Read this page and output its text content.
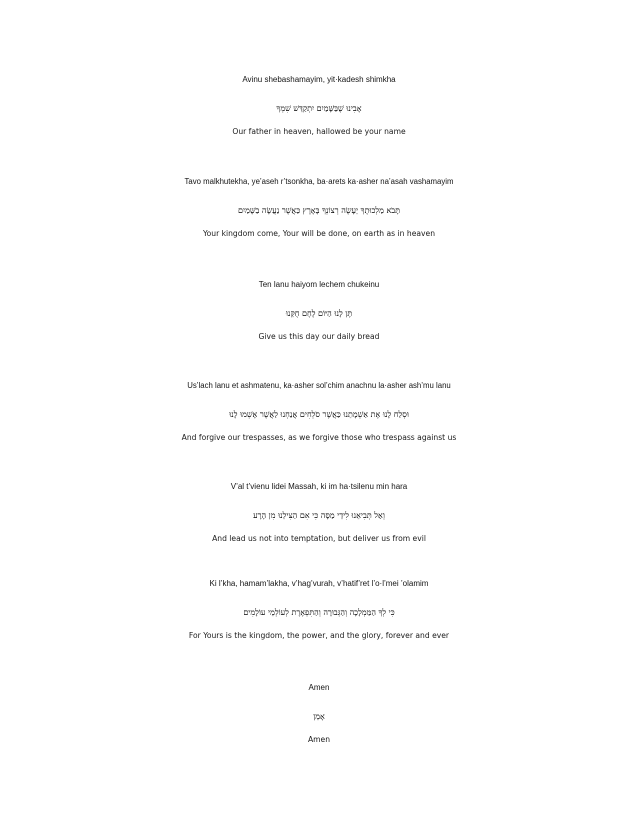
Avinu shebashamayim, yit·kadesh shimkha
אָבִינוּ שֶׁבַּשָּׁמַיִם יִתְקַדֵּשׁ שִׁמְךָ
Our father in heaven, hallowed be your name
Tavo malkhutekha, ye’aseh r’tsonkha, ba·arets ka·asher na’asah vashamayim
תָּבֹא מַלְכוּתֶךָ יֵעָשֶׂה רְצוֹנְךָ בָּאָרֶץ כַּאֲשֶׁר נַעֲשָׂה בַשָּׁמַיִם
Your kingdom come, Your will be done, on earth as in heaven
Ten lanu haiyom lechem chukeinu
תֶּן לָנוּ הַיּוֹם לֶחֶם חֻקֵּנוּ
Give us this day our daily bread
Us’lach lanu et ashmatenu, ka·asher sol’chim anachnu la·asher ash’mu lanu
וּסְלַח לָנוּ אֶת אַשְׁמָתֵנוּ כַּאֲשֶׁר סֹלְחִים אֲנַחְנוּ לַאֲשֶׁר אָשְׁמוּ לָנוּ
And forgive our trespasses, as we forgive those who trespass against us
V’al t’vienu lidei Massah, ki im ha·tsilenu min hara
וְאַל תְּבִיאֵנוּ לִידֵי מַסָּה כִּי אִם הַצִּילֵנוּ מִן הָרָע
And lead us not into temptation, but deliver us from evil
Ki l’kha, hamam’lakha, v’hag’vurah, v’hatif’ret l’o·l’mei ’olamim
כִּי לְךָ הַמַּמְלָכָה וְהַגְּבוּרָה וְהַתִּפְאֶרֶת לְעוֹלְמֵי עוֹלָמִים
For Yours is the kingdom, the power, and the glory, forever and ever
Amen
אָמֵן
Amen
